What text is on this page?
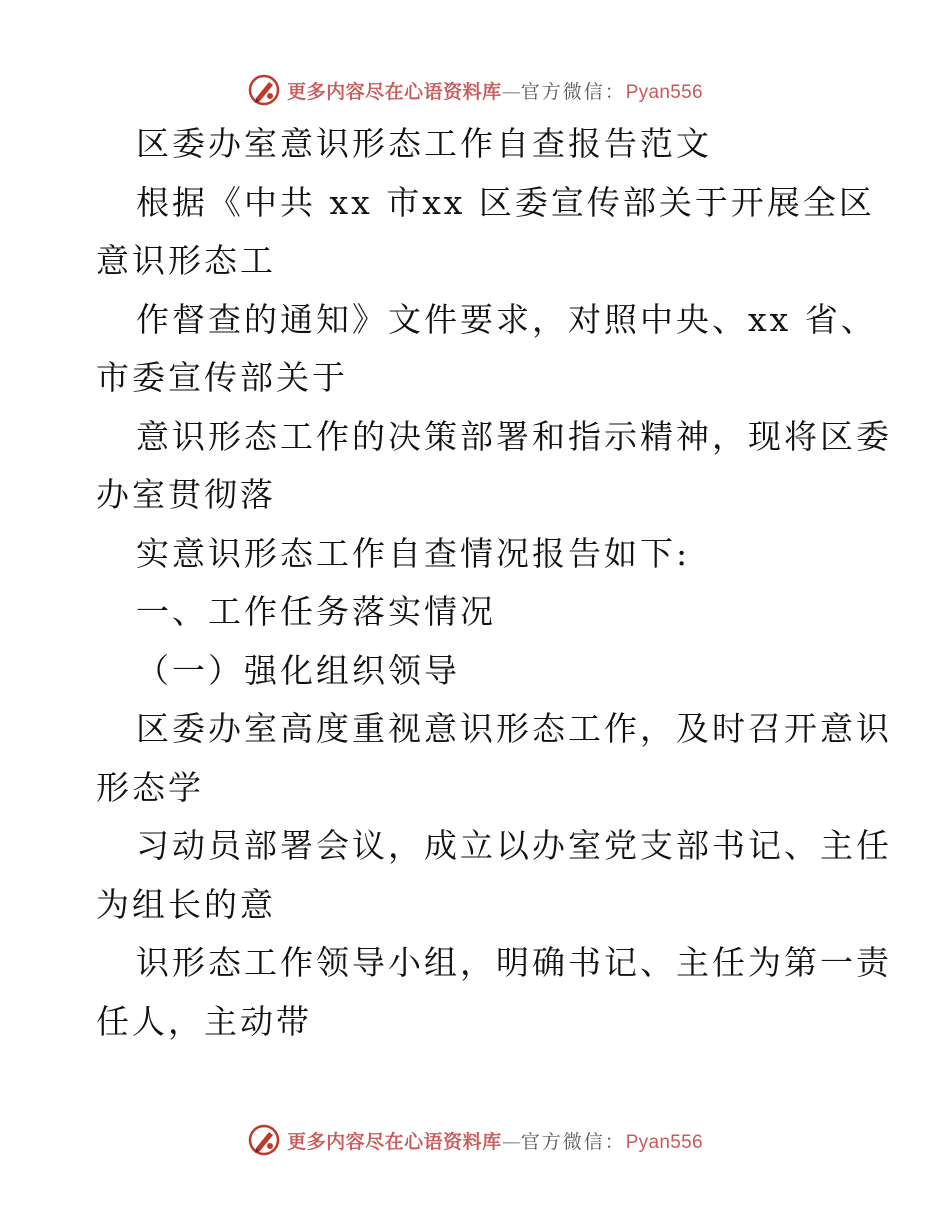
更多内容尽在心语资料库 — 官方微信： Pyan556
区委办室意识形态工作自查报告范文
根据《中共 xx 市xx 区委宣传部关于开展全区
意识形态工
作督查的通知》文件要求，对照中央、xx 省、
市委宣传部关于
意识形态工作的决策部署和指示精神，现将区委
办室贯彻落
实意识形态工作自查情况报告如下:
一、工作任务落实情况
（一）强化组织领导
区委办室高度重视意识形态工作，及时召开意识
形态学
习动员部署会议，成立以办室党支部书记、主任
为组长的意
识形态工作领导小组，明确书记、主任为第一责
任人，主动带
更多内容尽在心语资料库 — 官方微信： Pyan556
